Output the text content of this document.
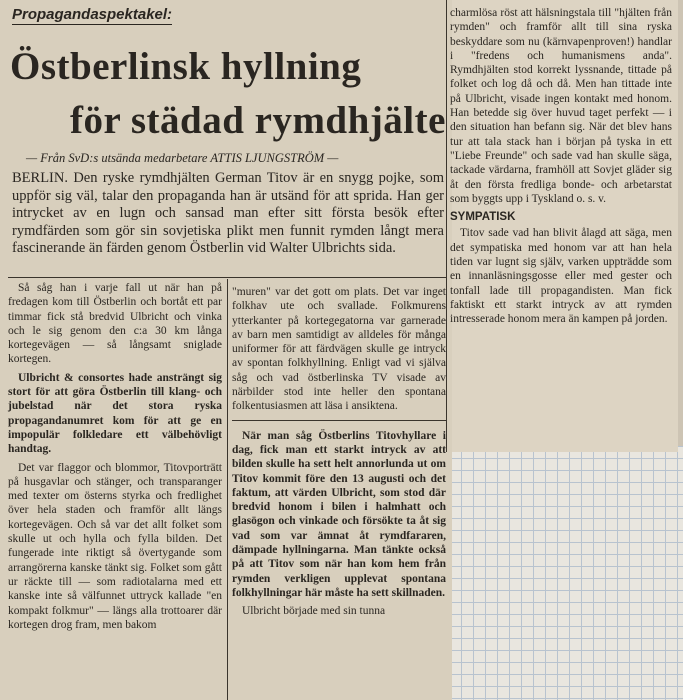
Propagandaspektakel:
Östberlinsk hyllning
för städad rymdhjälte
— Från SvD:s utsända medarbetare ATTIS LJUNGSTRÖM —

BERLIN. Den ryske rymdhjälten German Titov är en snygg pojke, som uppför sig väl, talar den propaganda han är utsänd för att sprida. Han ger intrycket av en lugn och sansad man efter sitt första besök efter rymdfärden som gör sin sovjetiska plikt men funnit rymden långt mera fascinerande än färden genom Östberlin vid Walter Ulbrichts sida.

Så såg han i varje fall ut när han på fredagen kom till Östberlin och bortåt ett par timmar fick stå bredvid Ulbricht och vinka och le sig genom den c:a 30 km långa kortegevägen — så långsamt snigladе kortegen.

Ulbricht & consortes hade ansträngt sig stort för att göra Östberlin till klang- och jubelstad när det stora ryska propagandanumret kom för att ge en impopulär folkledare ett välbehövligt handtag.

Det var flaggor och blommor, Titovporträtt på husgavlar och stänger, och transparanger med texter om österns styrka och fredlighet över hela staden och framför allt längs kortegevägen. Och så var det allt folket som skulle ut och hylla och fylla bilden. Det fungerade inte riktigt så övertygande som arrangörerna kanske tänkt sig. Folket som gått ur räckte till — som radiotalarna med ett kanske inte så välfunnet uttryck kallade "en kompakt folkmur" — längs alla trottoarer där kortegen drog fram, men bakom

"muren" var det gott om plats. Det var inget folkhav ute och svallade. Folkmurens ytterkanter på kortegegatorna var garnerade av barn men samtidigt av alldeles för många uniformer för att färdvägen skulle ge intryck av spontan folkhyllning. Enligt vad vi själva såg och vad östberlinska TV visade av närbilder stod inte heller den spontana folkentusiasmen att läsa i ansiktena.

När man såg Östberlins Titovhyllare i dag, fick man ett starkt intryck av att bilden skulle ha sett helt annorlunda ut om Titov kommit före den 13 augusti och det faktum, att värden Ulbricht, som stod där bredvid honom i bilen i halmhatt och glasögon och vinkade och försökte ta åt sig vad som var ämnat åt rymdfararen, dämpade hyllningarna. Man tänkte också på att Titov som när han kom hem från rymden verkligen upplevat spontana folkhyllningar här måste ha sett skillnaden.

Ulbricht började med sin tunna

charmlösa röst att hälsningstala till "hjälten från rymden" och framför allt till sina ryska beskyddare som nu (kärnvapenproven!) handlar i "fredens och humanismens anda". Rymdhjälten stod korrekt lyssnande, tittade på folket och log då och då. Men han tittade inte på Ulbricht, visade ingen kontakt med honom. Han betedde sig över huvud taget perfekt — i den situation han befann sig. När det blev hans tur att tala stack han i början på tyska in ett "Liebe Freunde" och sade vad han skulle säga, tackade värdarna, framhöll att Sovjet gläder sig åt den första fredliga bonde- och arbetarstat som byggts upp i Tyskland o. s. v.

SYMPATISK

Titov sade vad han blivit ålagd att säga, men det sympatiska med honom var att han hela tiden var lugnt sig själv, varken uppträdde som en innanläsningsgosse eller med gester och tonfall lade till propagandisten. Man fick faktiskt ett starkt intryck av att rymden intresserade honom mera än kampen på jorden.
